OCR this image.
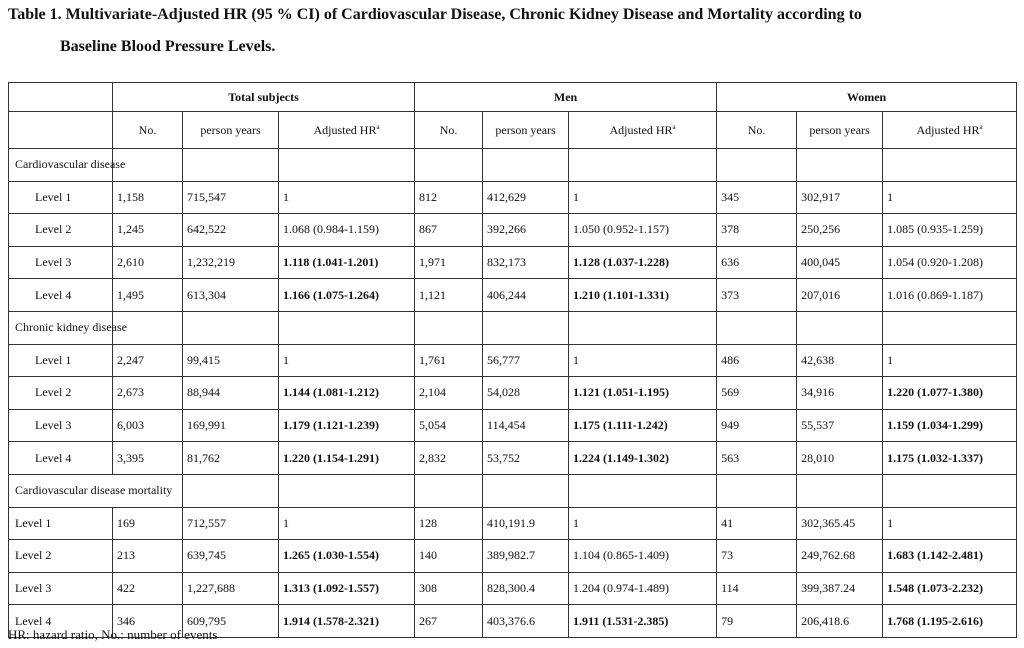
Table 1. Multivariate-Adjusted HR (95 % CI) of Cardiovascular Disease, Chronic Kidney Disease and Mortality according to
Baseline Blood Pressure Levels.
	Total subjects			Men			Women		
	No.	person years	Adjusted $HR^a$	No.	person years	Adjusted $HR^a$	No.	person years	Adjusted $HR^a$
Cardiovascular disease									
Level 1	1,158	715,547	1	812	412,629	1	345	302,917	1
Level 2	1,245	642,522	1.068 (0.984-1.159)	867	392,266	1.050 (0.952-1.157)	378	250,256	1.085 (0.935-1.259)
Level 3	2,610	1,232,219	1.118 (1.041-1.201)	1,971	832,173	1.128 (1.037-1.228)	636	400,045	1.054 (0.920-1.208)
Level 4	1,495	613,304	1.166 (1.075-1.264)	1,121	406,244	1.210 (1.101-1.331)	373	207,016	1.016 (0.869-1.187)
Chronic kidney disease									
Level 1	2,247	99,415	1	1,761	56,777	1	486	42,638	1
Level 2	2,673	88,944	1.144 (1.081-1.212)	2,104	54,028	1.121 (1.051-1.195)	569	34,916	1.220 (1.077-1.380)
Level 3	6,003	169,991	1.179 (1.121-1.239)	5,054	114,454	1.175 (1.111-1.242)	949	55,537	1.159 (1.034-1.299)
Level 4	3,395	81,762	1.220 (1.154-1.291)	2,832	53,752	1.224 (1.149-1.302)	563	28,010	1.175 (1.032-1.337)
Cardiovascular disease mortality									
Level 1	169	712,557	1	128	410,191.9	1	41	302,365.45	1
Level 2	213	639,745	1.265 (1.030-1.554)	140	389,982.7	1.104 (0.865-1.409)	73	249,762.68	1.683 (1.142-2.481)
Level 3	422	1,227,688	1.313 (1.092-1.557)	308	828,300.4	1.204 (0.974-1.489)	114	399,387.24	1.548 (1.073-2.232)
Level 4	346	609,795	1.914 (1.578-2.321)	267	403,376.6	1.911 (1.531-2.385)	79	206,418.6	1.768 (1.195-2.616)
HR: hazard ratio, No.: number of events
